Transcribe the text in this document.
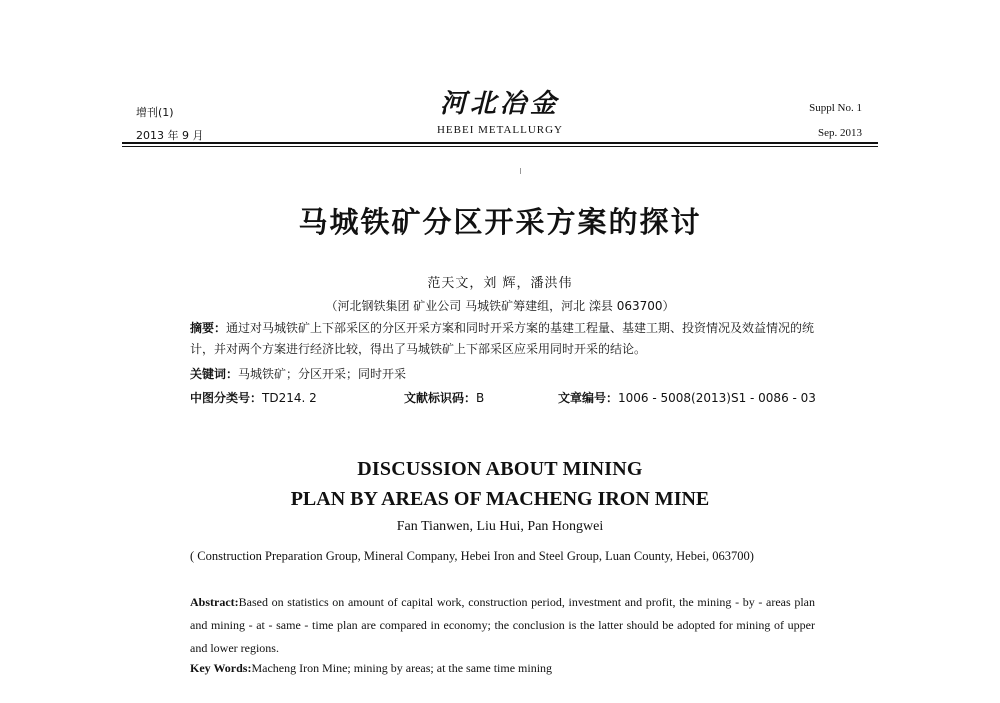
增刊(1)
2013 年 9 月
河北冶金
HEBEI METALLURGY
Suppl No. 1
Sep. 2013
马城铁矿分区开采方案的探讨
范天文，刘 辉，潘洪伟
（河北钢铁集团 矿业公司 马城铁矿筹建组，河北 滦县 063700）
摘要：通过对马城铁矿上下部采区的分区开采方案和同时开采方案的基建工程量、基建工期、投资情况及效益情况的统计，并对两个方案进行经济比较，得出了马城铁矿上下部采区应采用同时开采的结论。
关键词：马城铁矿；分区开采；同时开采
中图分类号：TD214. 2	文献标识码：B	文章编号：1006 - 5008(2013)S1 - 0086 - 03
DISCUSSION ABOUT MINING
PLAN BY AREAS OF MACHENG IRON MINE
Fan Tianwen, Liu Hui, Pan Hongwei
( Construction Preparation Group, Mineral Company, Hebei Iron and Steel Group, Luan County, Hebei, 063700)
Abstract:Based on statistics on amount of capital work, construction period, investment and profit, the mining - by - areas plan and mining - at - same - time plan are compared in economy; the conclusion is the latter should be adopted for mining of upper and lower regions.
Key Words:Macheng Iron Mine; mining by areas; at the same time mining
